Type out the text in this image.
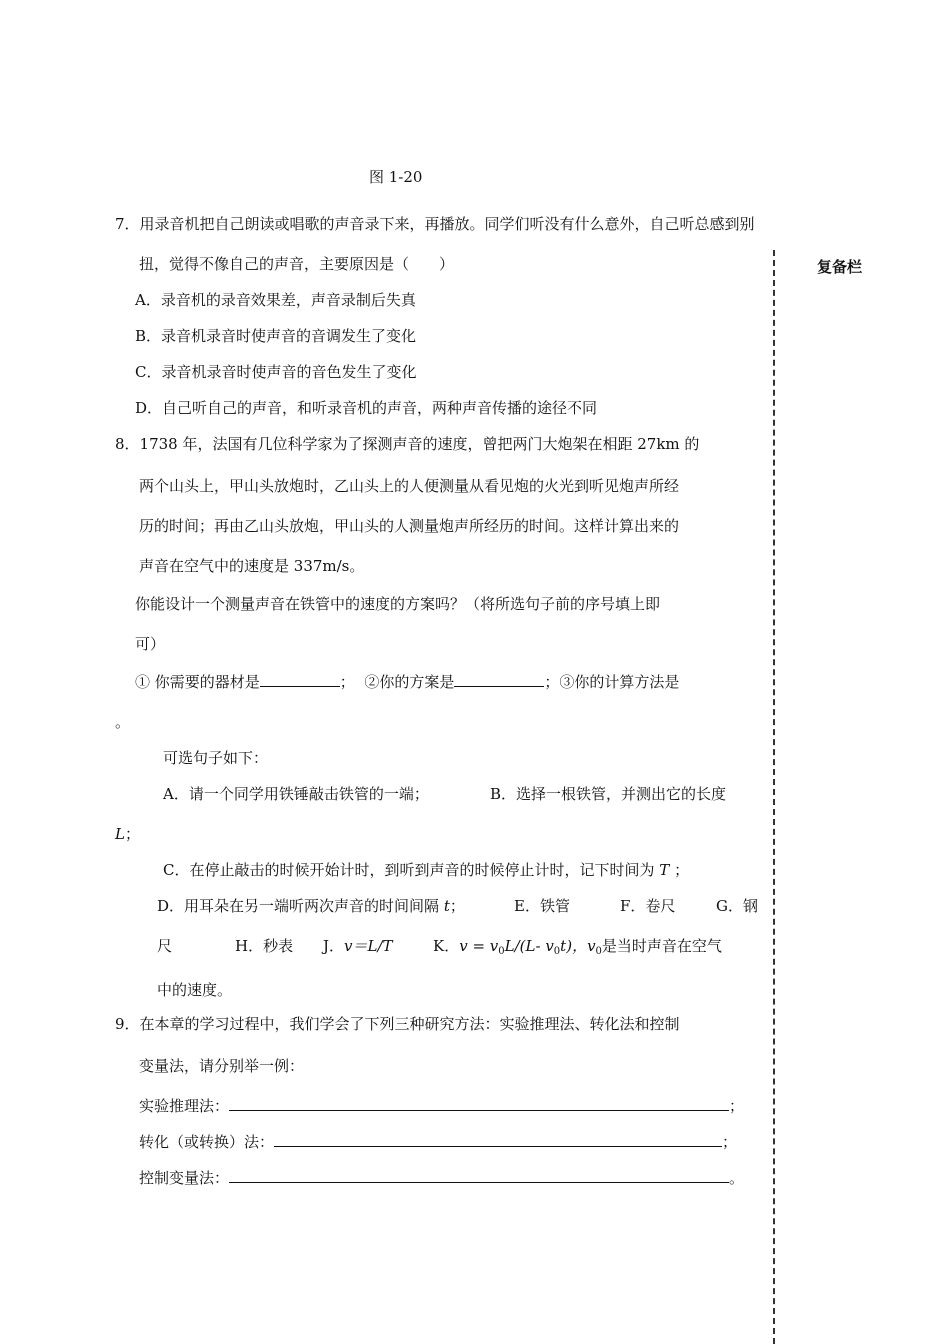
图 1-20
复备栏
7．用录音机把自己朗读或唱歌的声音录下来，再播放。同学们听没有什么意外，自己听总感到别
扭，觉得不像自己的声音，主要原因是（　　）
A．录音机的录音效果差，声音录制后失真
B．录音机录音时使声音的音调发生了变化
C．录音机录音时使声音的音色发生了变化
D．自己听自己的声音，和听录音机的声音，两种声音传播的途径不同
8．1738 年，法国有几位科学家为了探测声音的速度，曾把两门大炮架在相距 27km 的
两个山头上，甲山头放炮时，乙山头上的人便测量从看见炮的火光到听见炮声所经
历的时间；再由乙山头放炮，甲山头的人测量炮声所经历的时间。这样计算出来的
声音在空气中的速度是 337m/s。
你能设计一个测量声音在铁管中的速度的方案吗？（将所选句子前的序号填上即
可）
① 你需要的器材是	； ②你的方案是	；③你的计算方法是
。
可选句子如下：
A．请一个同学用铁锤敲击铁管的一端；	B．选择一根铁管，并测出它的长度
L；
C．在停止敲击的时候开始计时，到听到声音的时候停止计时，记下时间为 T ；
D．用耳朵在另一端听两次声音的时间间隔 t；	E．铁管	F．卷尺	G．钢
尺	H．秒表 J．v＝L/T	K．$v = v_0L/(L-$ $v_0t$)，$v_0$是当时声音在空气
中的速度。
9．在本章的学习过程中，我们学会了下列三种研究方法：实验推理法、转化法和控制
变量法，请分别举一例：
实验推理法：	；
转化（或转换）法：	；
控制变量法：	。
